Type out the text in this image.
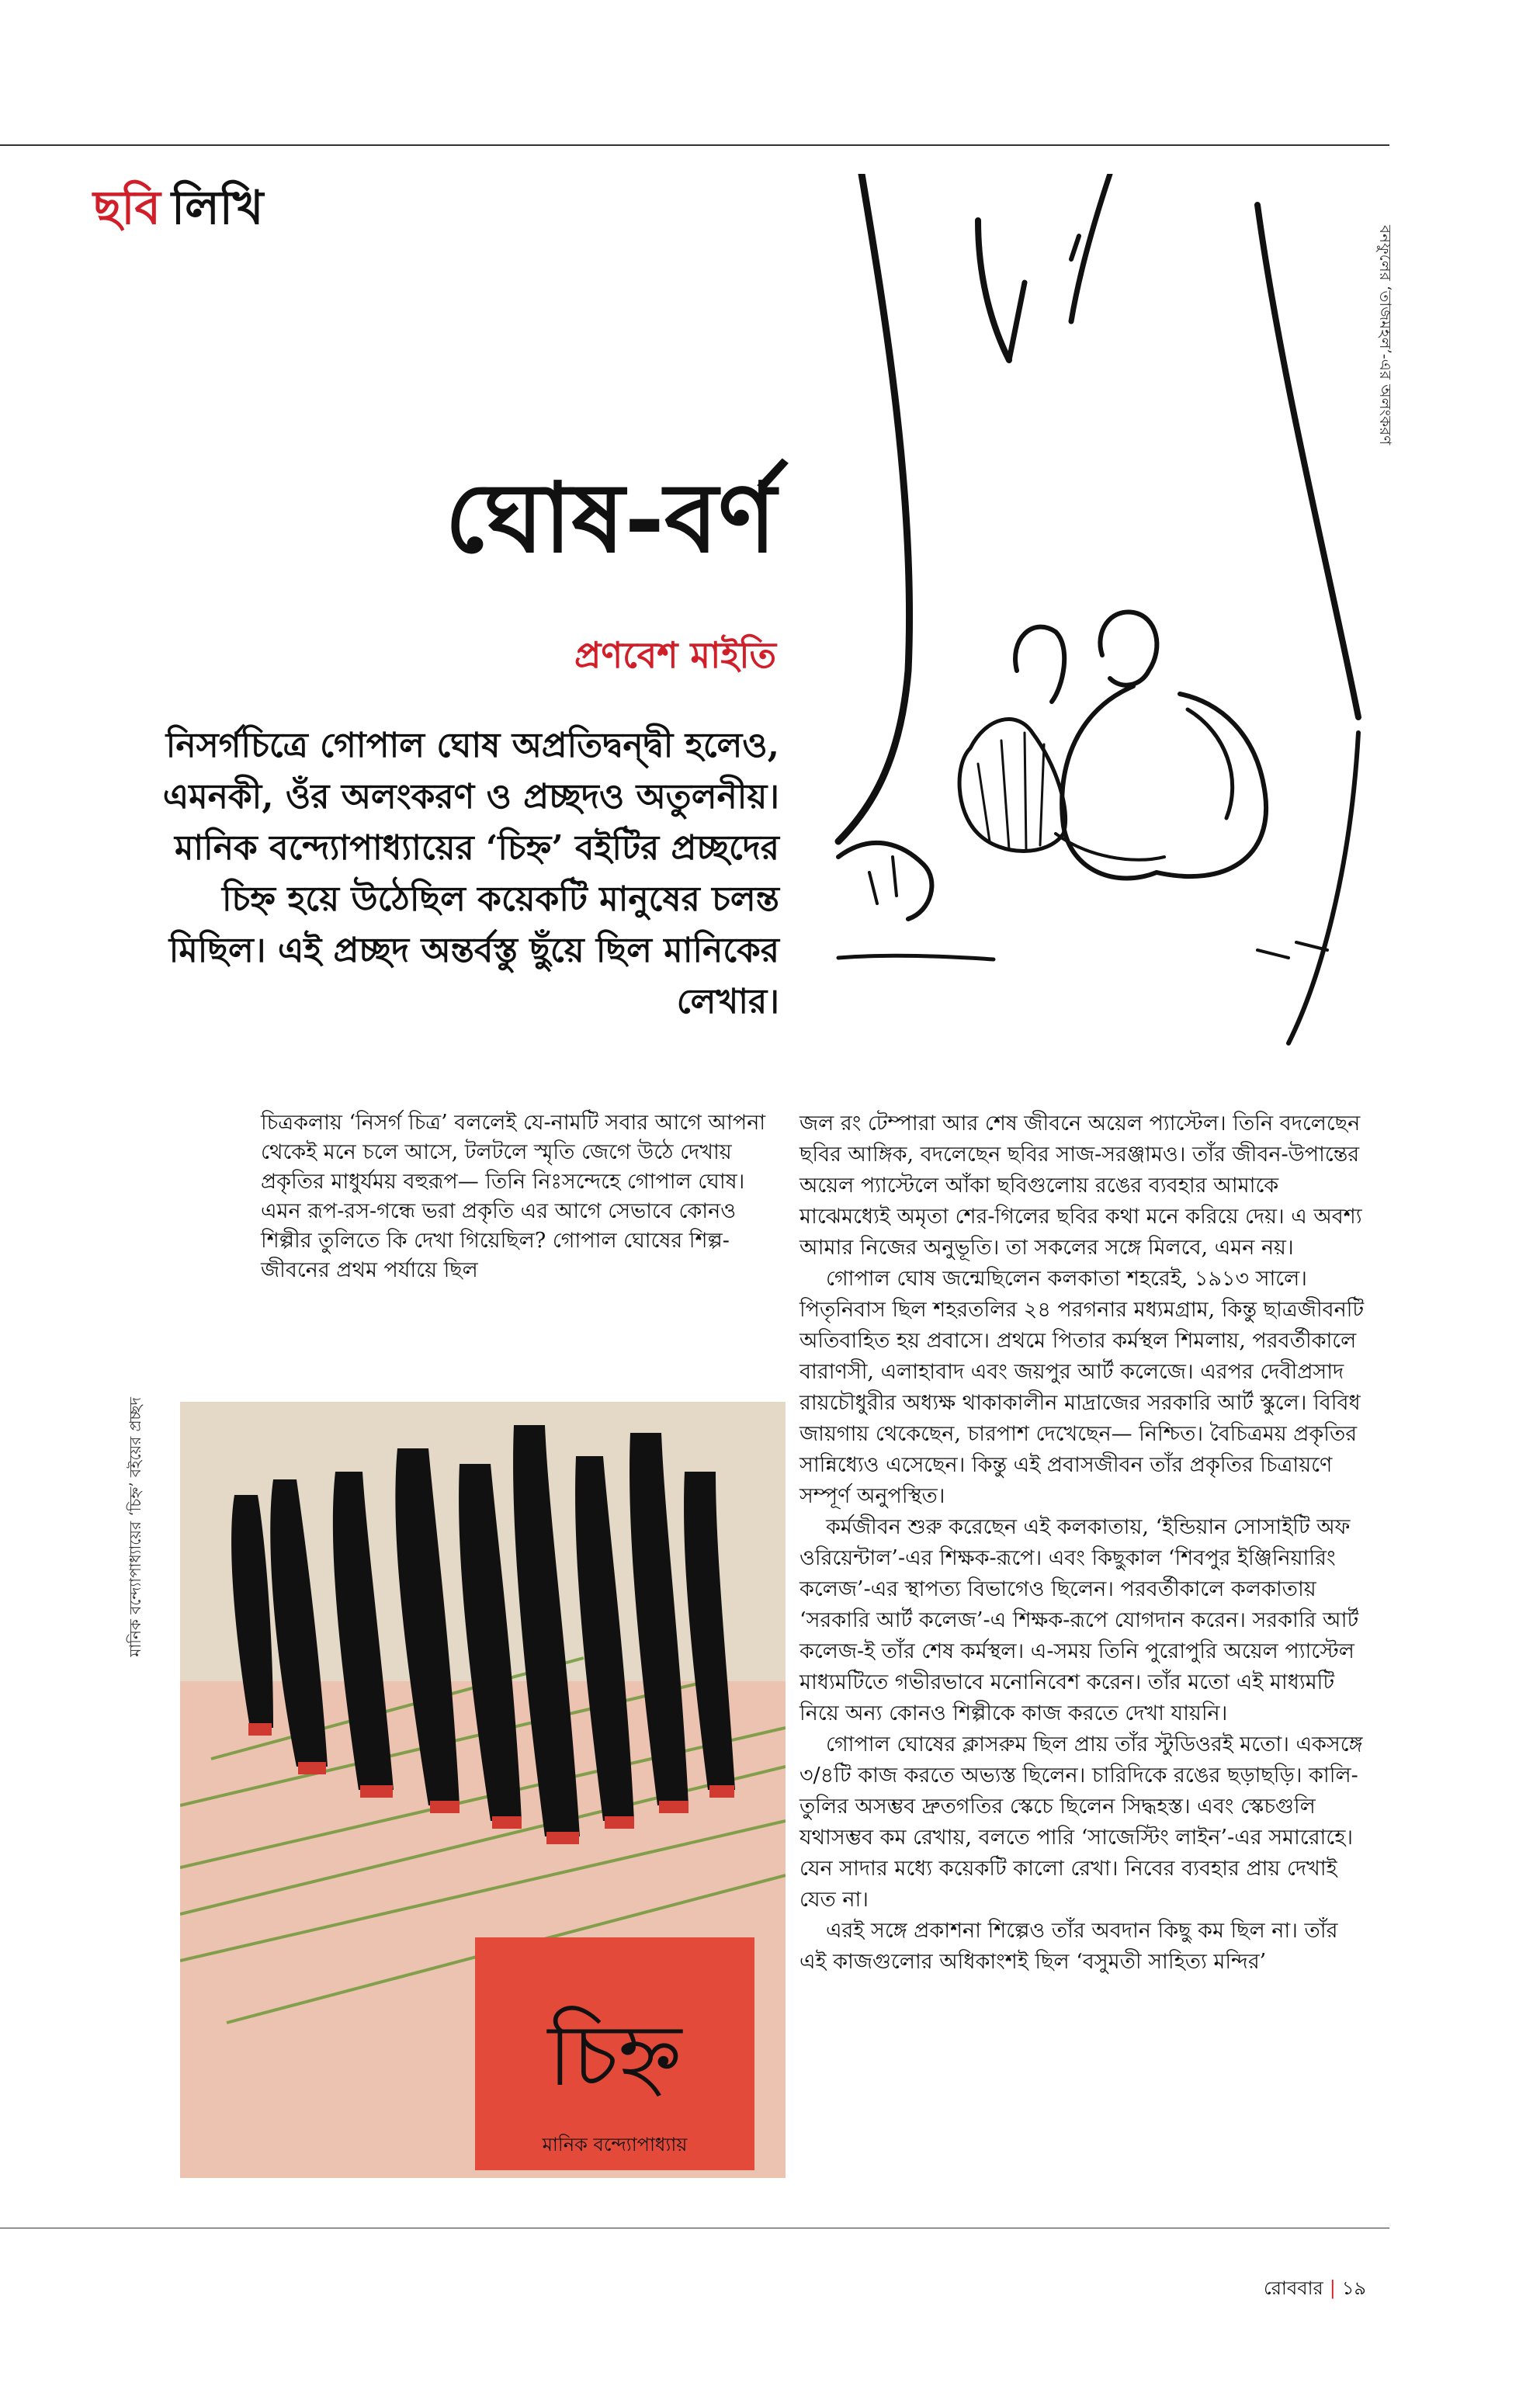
ছবি লিখি
ঘোষ-বর্ণ
প্রণবেশ মাইতি

নিসর্গচিত্রে গোপাল ঘোষ অপ্রতিদ্বন্দ্বী হলেও, এমনকী, ওঁর অলংকরণ ও প্রচ্ছদও অতুলনীয়। মানিক বন্দ্যোপাধ্যায়ের ‘চিহ্ন’ বইটির প্রচ্ছদের চিহ্ন হয়ে উঠেছিল কয়েকটি মানুষের চলন্ত মিছিল। এই প্রচ্ছদ অন্তর্বস্তু ছুঁয়ে ছিল মানিকের লেখার।

বনফুলের ‘তাজমহল’-এর অলংকরণ
মানিক বন্দ্যোপাধ্যায়ের ‘চিহ্ন’ বইয়ের প্রচ্ছদ
চিহ্ন
মানিক বন্দ্যোপাধ্যায়

চিত্রকলায় ‘নিসর্গ চিত্র’ বললেই যে-নামটি সবার আগে আপনা থেকেই মনে চলে আসে, টলটলে স্মৃতি জেগে উঠে দেখায় প্রকৃতির মাধুর্যময় বহুরূপ— তিনি নিঃসন্দেহে গোপাল ঘোষ। এমন রূপ-রস-গন্ধে ভরা প্রকৃতি এর আগে সেভাবে কোনও শিল্পীর তুলিতে কি দেখা গিয়েছিল? গোপাল ঘোষের শিল্প-জীবনের প্রথম পর্যায়ে ছিল

জল রং টেম্পারা আর শেষ জীবনে অয়েল প্যাস্টেল। তিনি বদলেছেন ছবির আঙ্গিক, বদলেছেন ছবির সাজ-সরঞ্জামও। তাঁর জীবন-উপান্তের অয়েল প্যাস্টেলে আঁকা ছবিগুলোয় রঙের ব্যবহার আমাকে মাঝেমধ্যেই অমৃতা শের-গিলের ছবির কথা মনে করিয়ে দেয়। এ অবশ্য আমার নিজের অনুভূতি। তা সকলের সঙ্গে মিলবে, এমন নয়।

গোপাল ঘোষ জন্মেছিলেন কলকাতা শহরেই, ১৯১৩ সালে। পিতৃনিবাস ছিল শহরতলির ২৪ পরগনার মধ্যমগ্রাম, কিন্তু ছাত্রজীবনটি অতিবাহিত হয় প্রবাসে। প্রথমে পিতার কর্মস্থল শিমলায়, পরবর্তীকালে বারাণসী, এলাহাবাদ এবং জয়পুর আর্ট কলেজে। এরপর দেবীপ্রসাদ রায়চৌধুরীর অধ্যক্ষ থাকাকালীন মাদ্রাজের সরকারি আর্ট স্কুলে। বিবিধ জায়গায় থেকেছেন, চারপাশ দেখেছেন— নিশ্চিত। বৈচিত্রময় প্রকৃতির সান্নিধ্যেও এসেছেন। কিন্তু এই প্রবাসজীবন তাঁর প্রকৃতির চিত্রায়ণে সম্পূর্ণ অনুপস্থিত।

কর্মজীবন শুরু করেছেন এই কলকাতায়, ‘ইন্ডিয়ান সোসাইটি অফ ওরিয়েন্টাল’-এর শিক্ষক-রূপে। এবং কিছুকাল ‘শিবপুর ইঞ্জিনিয়ারিং কলেজ’-এর স্থাপত্য বিভাগেও ছিলেন। পরবর্তীকালে কলকাতায় ‘সরকারি আর্ট কলেজ’-এ শিক্ষক-রূপে যোগদান করেন। সরকারি আর্ট কলেজ-ই তাঁর শেষ কর্মস্থল। এ-সময় তিনি পুরোপুরি অয়েল প্যাস্টেল মাধ্যমটিতে গভীরভাবে মনোনিবেশ করেন। তাঁর মতো এই মাধ্যমটি নিয়ে অন্য কোনও শিল্পীকে কাজ করতে দেখা যায়নি।

গোপাল ঘোষের ক্লাসরুম ছিল প্রায় তাঁর স্টুডিওরই মতো। একসঙ্গে ৩/৪টি কাজ করতে অভ্যস্ত ছিলেন। চারিদিকে রঙের ছড়াছড়ি। কালি-তুলির অসম্ভব দ্রুতগতির স্কেচে ছিলেন সিদ্ধহস্ত। এবং স্কেচগুলি যথাসম্ভব কম রেখায়, বলতে পারি ‘সাজেস্টিং লাইন’-এর সমারোহে। যেন সাদার মধ্যে কয়েকটি কালো রেখা। নিবের ব্যবহার প্রায় দেখাই যেত না।

এরই সঙ্গে প্রকাশনা শিল্পেও তাঁর অবদান কিছু কম ছিল না। তাঁর এই কাজগুলোর অধিকাংশই ছিল ‘বসুমতী সাহিত্য মন্দির’

রোববার | ১৯
